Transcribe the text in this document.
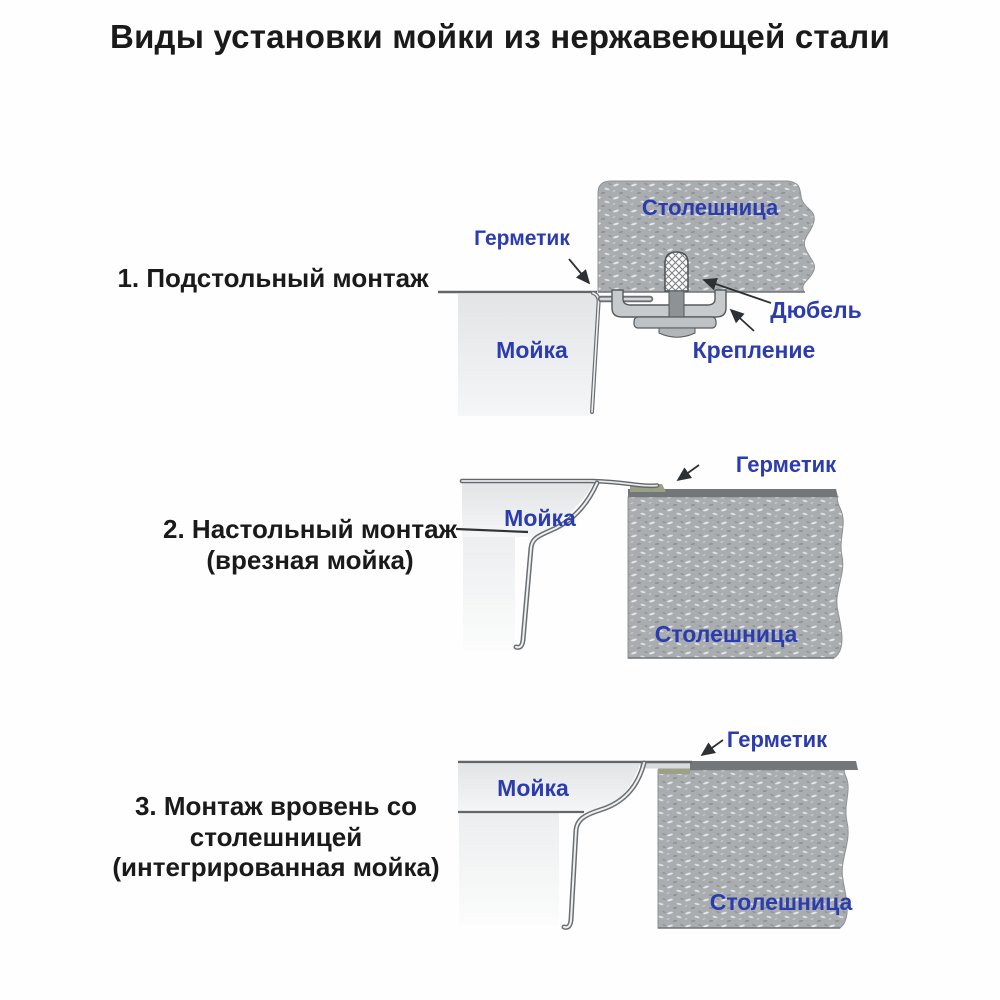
Виды установки мойки из нержавеющей стали
1. Подстольный монтаж
2. Настольный монтаж
(врезная мойка)
3. Монтаж вровень со
столешницей
(интегрированная мойка)
Столешница
Герметик
Дюбель
Крепление
Мойка
Герметик
Мойка
Столешница
Герметик
Мойка
Столешница
